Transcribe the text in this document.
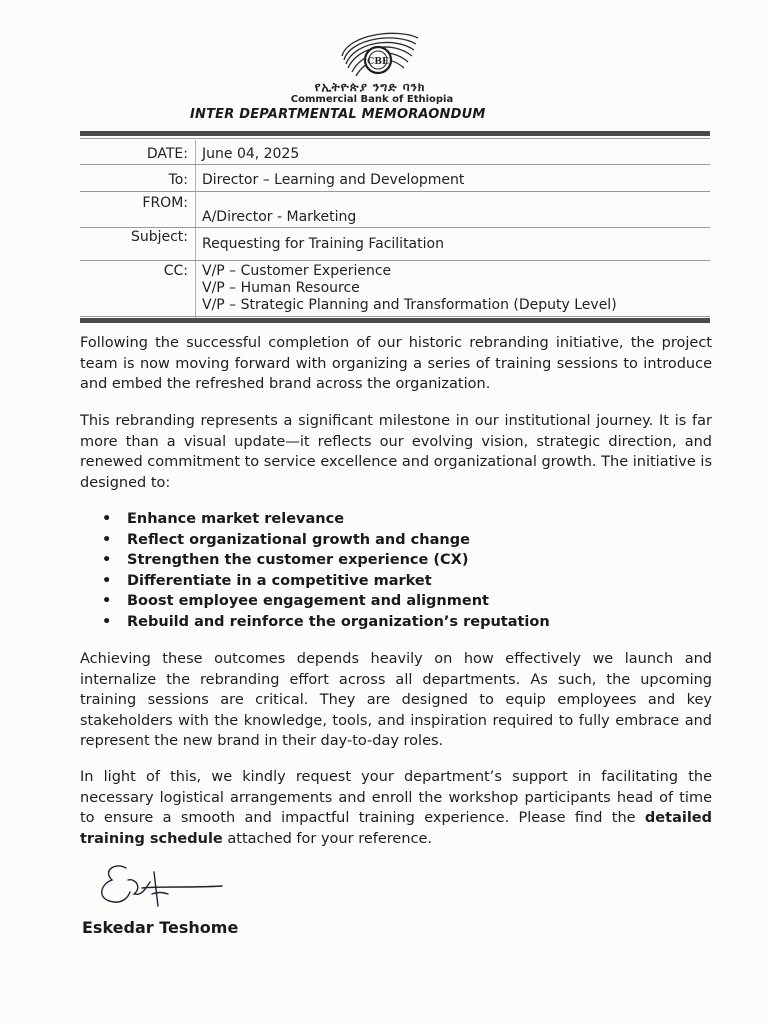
CBE
የኢትዮጵያ ንግድ ባንክ
Commercial Bank of Ethiopia
INTER DEPARTMENTAL MEMORAONDUM
DATE: June 04, 2025
To: Director – Learning and Development
FROM:
A/Director - Marketing
Subject: Requesting for Training Facilitation
CC: V/P – Customer Experience
V/P – Human Resource
V/P – Strategic Planning and Transformation (Deputy Level)
Following the successful completion of our historic rebranding initiative, the project team is now moving forward with organizing a series of training sessions to introduce and embed the refreshed brand across the organization.
This rebranding represents a significant milestone in our institutional journey. It is far more than a visual update—it reflects our evolving vision, strategic direction, and renewed commitment to service excellence and organizational growth. The initiative is designed to:
• Enhance market relevance
• Reflect organizational growth and change
• Strengthen the customer experience (CX)
• Differentiate in a competitive market
• Boost employee engagement and alignment
• Rebuild and reinforce the organization’s reputation
Achieving these outcomes depends heavily on how effectively we launch and internalize the rebranding effort across all departments. As such, the upcoming training sessions are critical. They are designed to equip employees and key stakeholders with the knowledge, tools, and inspiration required to fully embrace and represent the new brand in their day-to-day roles.
In light of this, we kindly request your department’s support in facilitating the necessary logistical arrangements and enroll the workshop participants head of time to ensure a smooth and impactful training experience. Please find the detailed training schedule attached for your reference.
Eskedar Teshome
